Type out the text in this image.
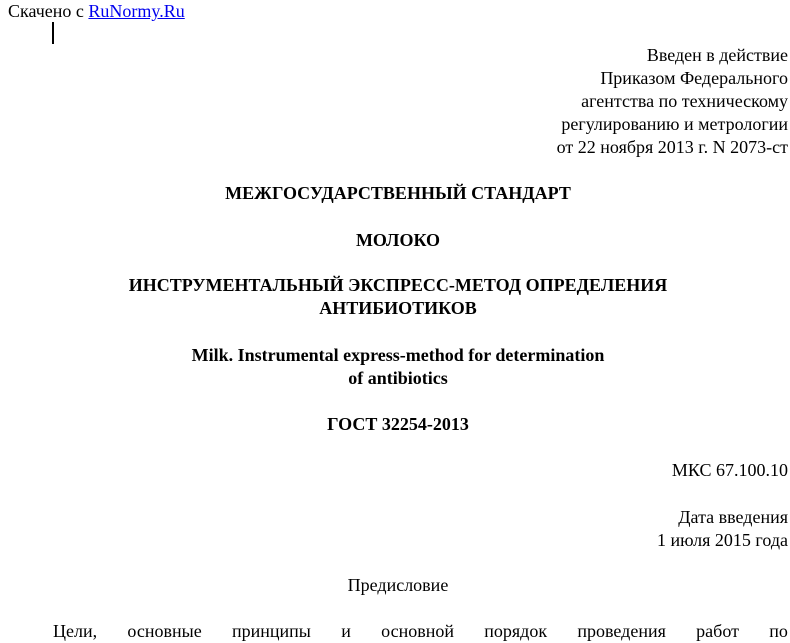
Скачено с RuNormy.Ru
Введен в действие
Приказом Федерального
агентства по техническому
регулированию и метрологии
от 22 ноября 2013 г. N 2073-ст
МЕЖГОСУДАРСТВЕННЫЙ СТАНДАРТ
МОЛОКО
ИНСТРУМЕНТАЛЬНЫЙ ЭКСПРЕСС-МЕТОД ОПРЕДЕЛЕНИЯ
АНТИБИОТИКОВ
Milk. Instrumental express-method for determination
of antibiotics
ГОСТ 32254-2013
МКС 67.100.10
Дата введения
1 июля 2015 года
Предисловие
Цели, основные принципы и основной порядок проведения работ по
